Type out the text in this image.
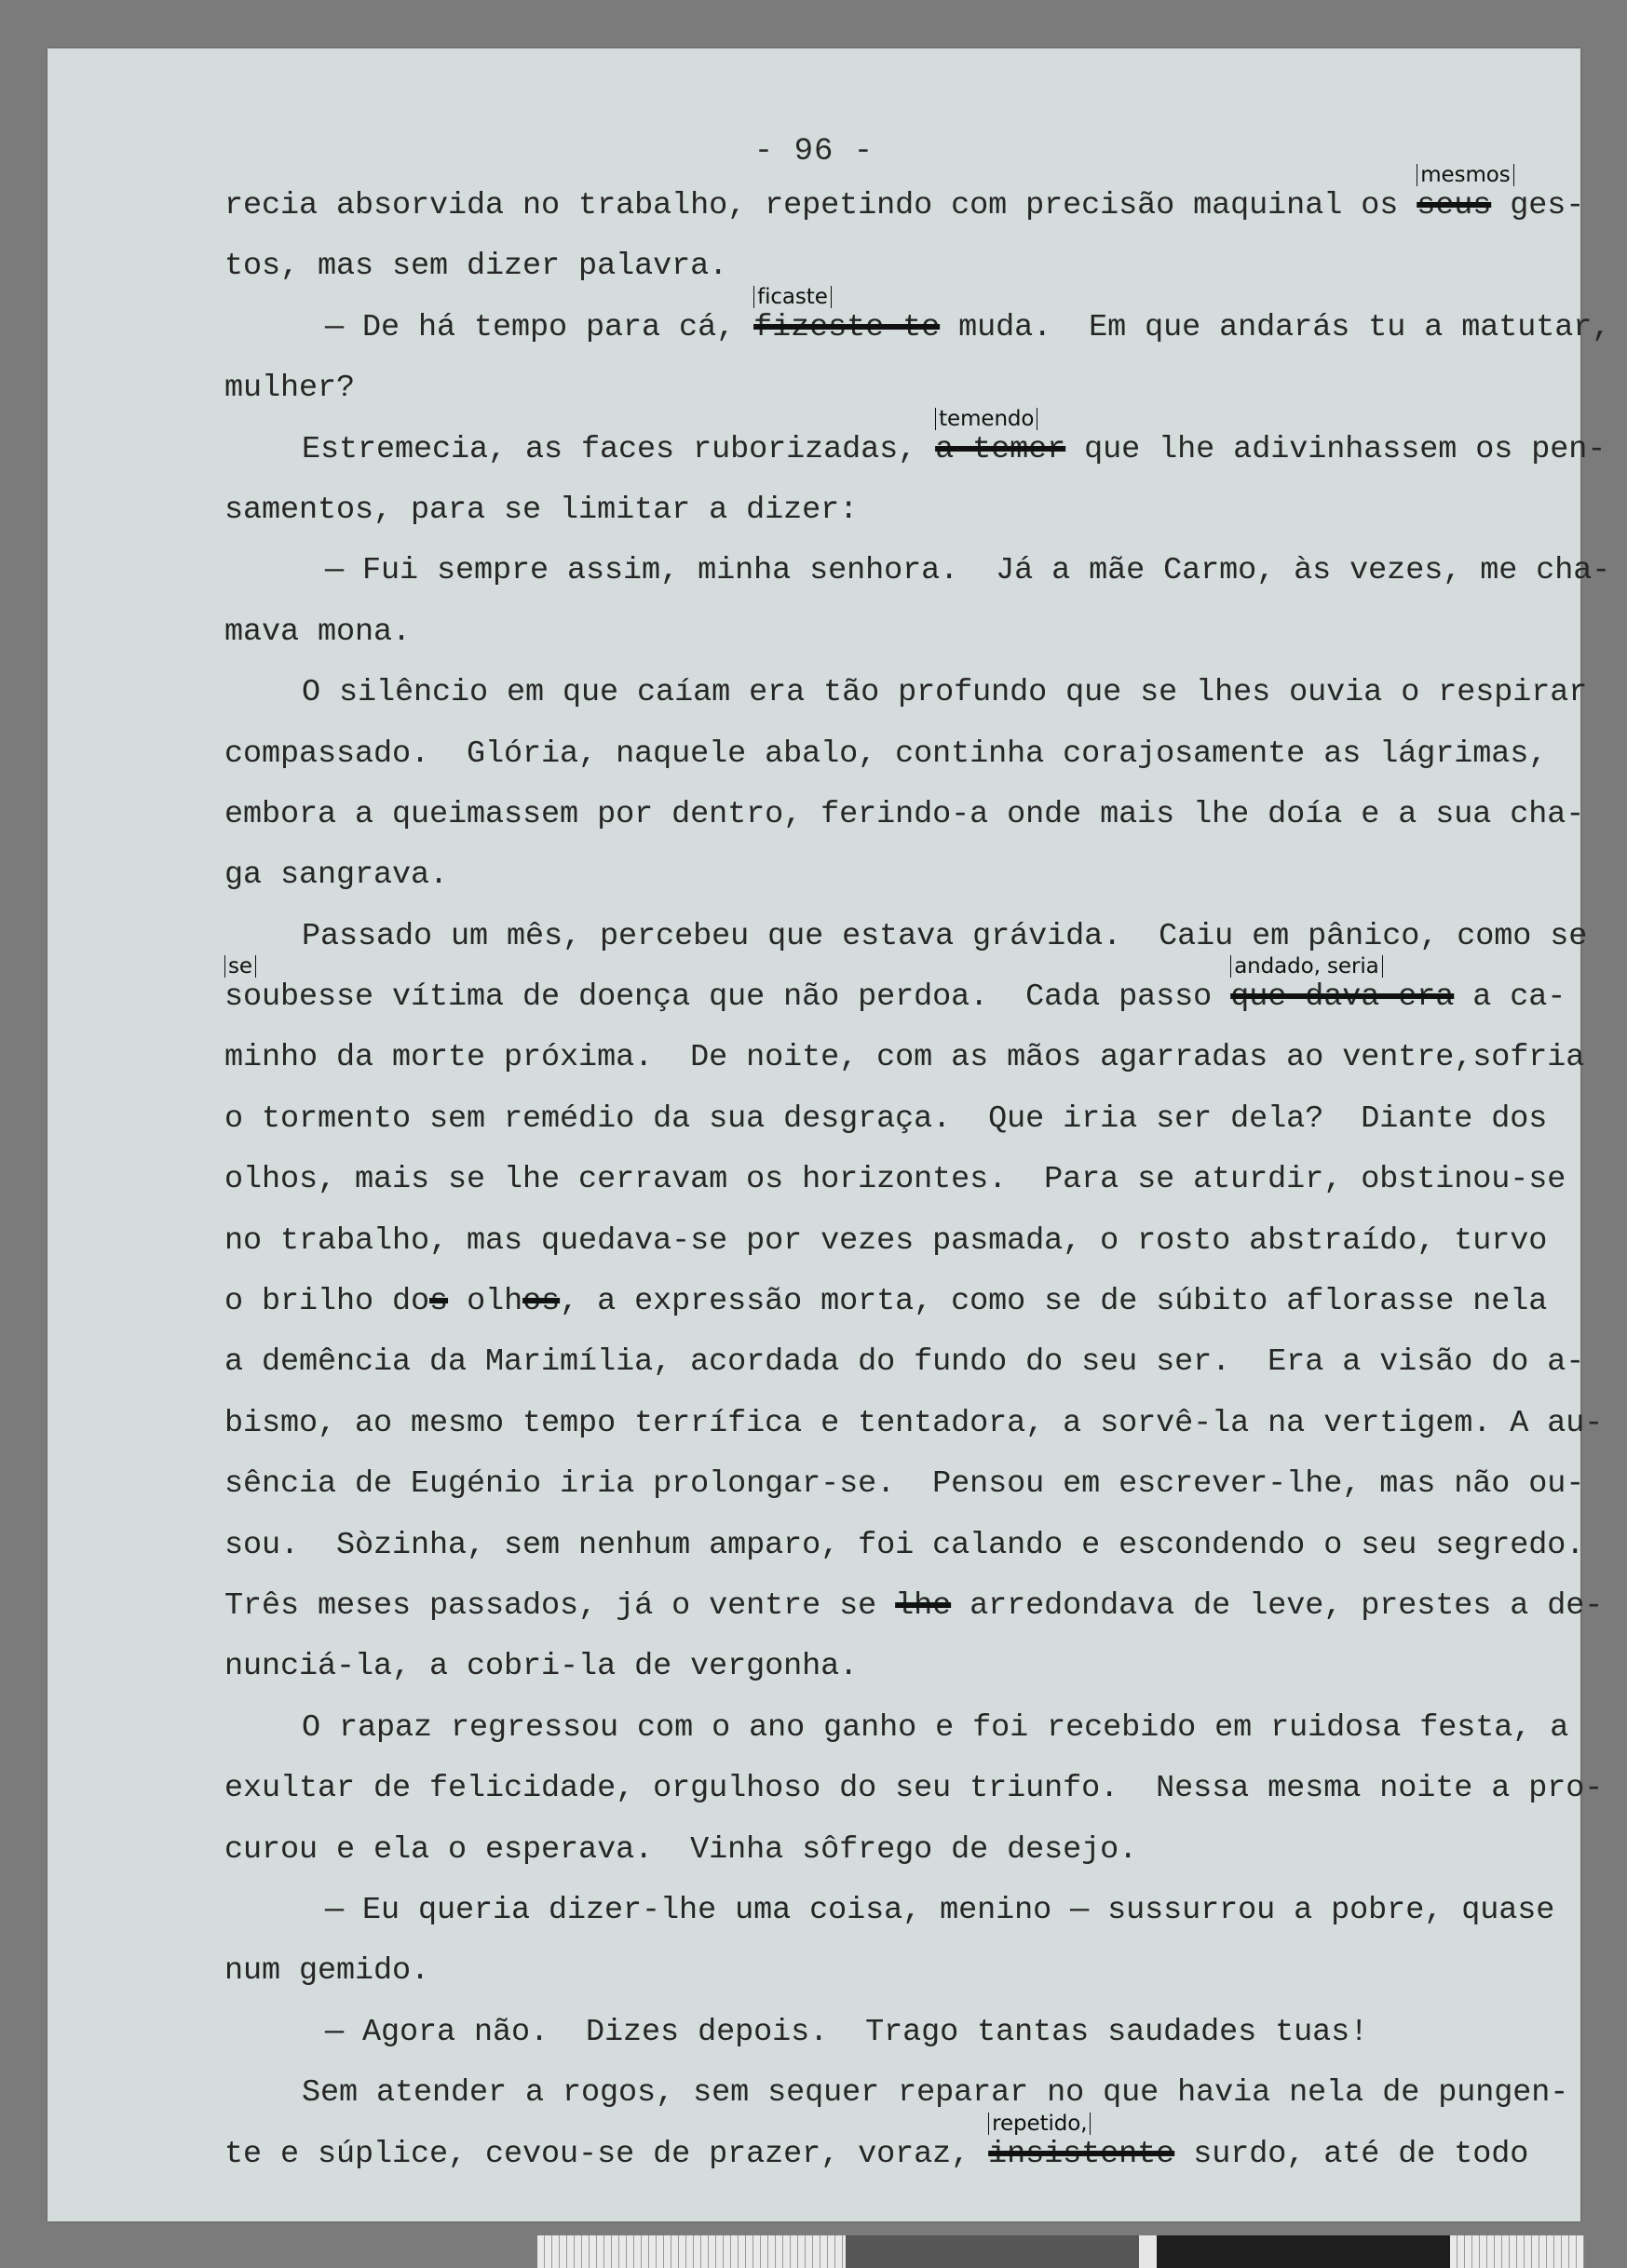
- 96 -
recia absorvida no trabalho, repetindo com precisão maquinal os
mesmos
seus ges-
tos, mas sem dizer palavra.
— De há tempo para cá,
ficaste
fizeste-te muda.  Em que andarás tu a matutar,
mulher?
Estremecia, as faces ruborizadas,
temendo
a temer que lhe adivinhassem os pen-
samentos, para se limitar a dizer:
— Fui sempre assim, minha senhora.  Já a mãe Carmo, às vezes, me cha-
mava mona.
O silêncio em que caíam era tão profundo que se lhes ouvia o respirar
compassado.  Glória, naquele abalo, continha corajosamente as lágrimas,
embora a queimassem por dentro, ferindo-a onde mais lhe doía e a sua cha-
ga sangrava.
Passado um mês, percebeu que estava grávida.  Caiu em pânico, como se
se
soubesse vítima de doença que não perdoa.  Cada passo
andado, seria
que dava era a ca-
minho da morte próxima.  De noite, com as mãos agarradas ao ventre,sofria
o tormento sem remédio da sua desgraça.  Que iria ser dela?  Diante dos
olhos, mais se lhe cerravam os horizontes.  Para se aturdir, obstinou-se
no trabalho, mas quedava-se por vezes pasmada, o rosto abstraído, turvo
o brilho dos olhos, a expressão morta, como se de súbito aflorasse nela
a demência da Marimília, acordada do fundo do seu ser.  Era a visão do a-
bismo, ao mesmo tempo terrífica e tentadora, a sorvê-la na vertigem. A au-
sência de Eugénio iria prolongar-se.  Pensou em escrever-lhe, mas não ou-
sou.  Sòzinha, sem nenhum amparo, foi calando e escondendo o seu segredo.
Três meses passados, já o ventre se lhe arredondava de leve, prestes a de-
nunciá-la, a cobri-la de vergonha.
O rapaz regressou com o ano ganho e foi recebido em ruidosa festa, a
exultar de felicidade, orgulhoso do seu triunfo.  Nessa mesma noite a pro-
curou e ela o esperava.  Vinha sôfrego de desejo.
— Eu queria dizer-lhe uma coisa, menino — sussurrou a pobre, quase
num gemido.
— Agora não.  Dizes depois.  Trago tantas saudades tuas!
Sem atender a rogos, sem sequer reparar no que havia nela de pungen-
te e súplice, cevou-se de prazer, voraz,
repetido,
insistente surdo, até de todo
